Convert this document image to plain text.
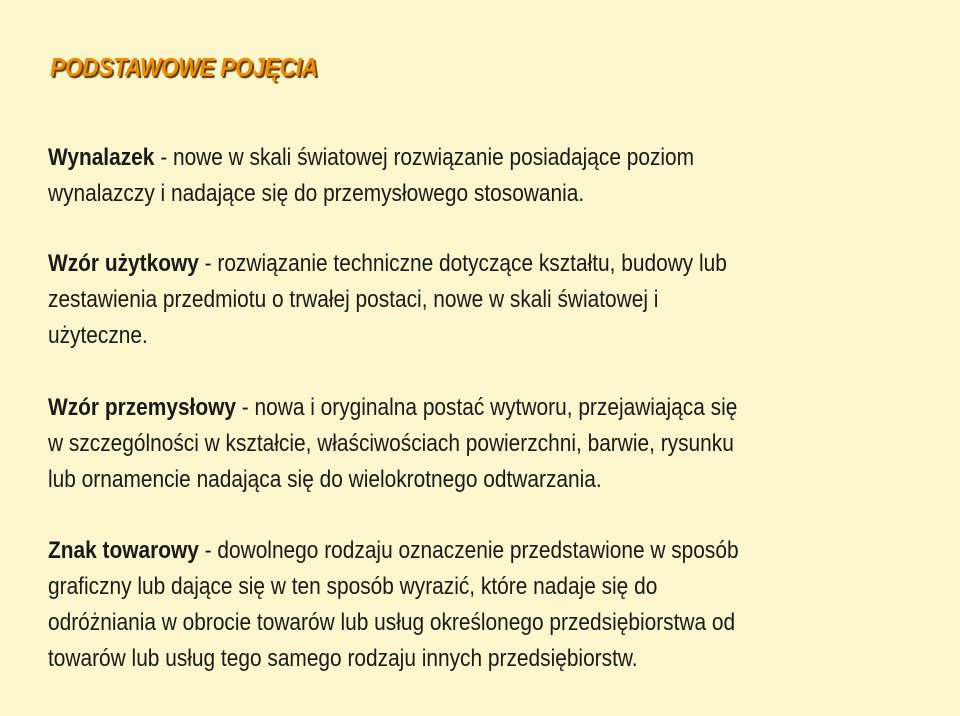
PODSTAWOWE POJĘCIA
Wynalazek - nowe w skali światowej rozwiązanie posiadające poziom
wynalazczy i nadające się do przemysłowego stosowania.
Wzór użytkowy - rozwiązanie techniczne dotyczące kształtu, budowy lub
zestawienia przedmiotu o trwałej postaci, nowe w skali światowej i
użyteczne.
Wzór przemysłowy - nowa i oryginalna postać wytworu, przejawiająca się
w szczególności w kształcie, właściwościach powierzchni, barwie, rysunku
lub ornamencie nadająca się do wielokrotnego odtwarzania.
Znak towarowy - dowolnego rodzaju oznaczenie przedstawione w sposób
graficzny lub dające się w ten sposób wyrazić, które nadaje się do
odróżniania w obrocie towarów lub usług określonego przedsiębiorstwa od
towarów lub usług tego samego rodzaju innych przedsiębiorstw.
